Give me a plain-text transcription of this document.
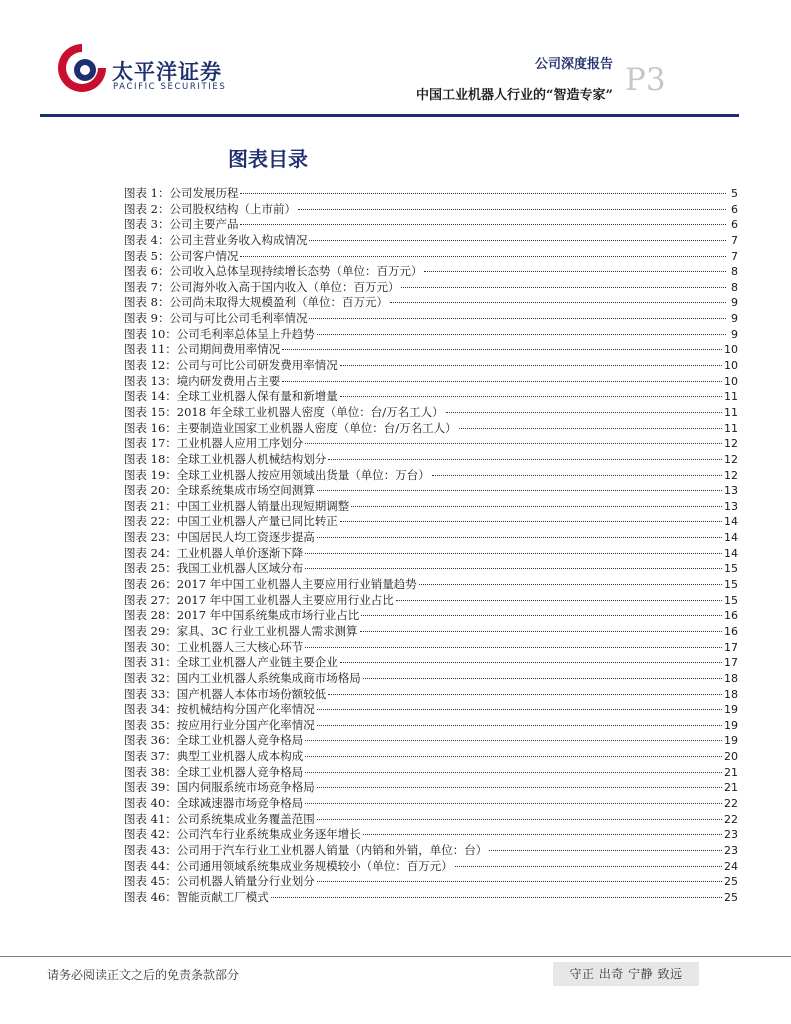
太平洋证券
PACIFIC SECURITIES
公司深度报告
中国工业机器人行业的“智造专家” P3
图表目录
图表 1：公司发展历程	5
图表 2：公司股权结构（上市前）	6
图表 3：公司主要产品	6
图表 4：公司主营业务收入构成情况	7
图表 5：公司客户情况	7
图表 6：公司收入总体呈现持续增长态势（单位：百万元）	8
图表 7：公司海外收入高于国内收入（单位：百万元）	8
图表 8：公司尚未取得大规模盈利（单位：百万元）	9
图表 9：公司与可比公司毛利率情况	9
图表 10：公司毛利率总体呈上升趋势	9
图表 11：公司期间费用率情况	10
图表 12：公司与可比公司研发费用率情况	10
图表 13：境内研发费用占主要	10
图表 14：全球工业机器人保有量和新增量	11
图表 15：2018 年全球工业机器人密度（单位：台/万名工人）	11
图表 16：主要制造业国家工业机器人密度（单位：台/万名工人）	11
图表 17：工业机器人应用工序划分	12
图表 18：全球工业机器人机械结构划分	12
图表 19：全球工业机器人按应用领域出货量（单位：万台）	12
图表 20：全球系统集成市场空间测算	13
图表 21：中国工业机器人销量出现短期调整	13
图表 22：中国工业机器人产量已同比转正	14
图表 23：中国居民人均工资逐步提高	14
图表 24：工业机器人单价逐渐下降	14
图表 25：我国工业机器人区域分布	15
图表 26：2017 年中国工业机器人主要应用行业销量趋势	15
图表 27：2017 年中国工业机器人主要应用行业占比	15
图表 28：2017 年中国系统集成市场行业占比	16
图表 29：家具、3C 行业工业机器人需求测算	16
图表 30：工业机器人三大核心环节	17
图表 31：全球工业机器人产业链主要企业	17
图表 32：国内工业机器人系统集成商市场格局	18
图表 33：国产机器人本体市场份额较低	18
图表 34：按机械结构分国产化率情况	19
图表 35：按应用行业分国产化率情况	19
图表 36：全球工业机器人竞争格局	19
图表 37：典型工业机器人成本构成	20
图表 38：全球工业机器人竞争格局	21
图表 39：国内伺服系统市场竞争格局	21
图表 40：全球减速器市场竞争格局	22
图表 41：公司系统集成业务覆盖范围	22
图表 42：公司汽车行业系统集成业务逐年增长	23
图表 43：公司用于汽车行业工业机器人销量（内销和外销，单位：台）	23
图表 44：公司通用领域系统集成业务规模较小（单位：百万元）	24
图表 45：公司机器人销量分行业划分	25
图表 46：智能贡献工厂模式	25
请务必阅读正文之后的免责条款部分	守正 出奇 宁静 致远
